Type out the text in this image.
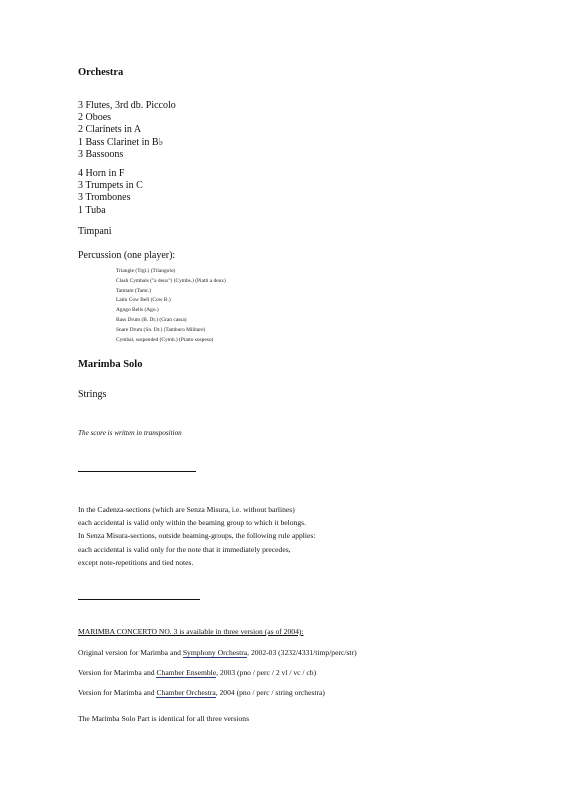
Orchestra
3 Flutes, 3rd db. Piccolo
2 Oboes
2 Clarinets in A
1 Bass Clarinet in B♭
3 Bassoons
4 Horn in F
3 Trumpets in C
3 Trombones
1 Tuba
Timpani
Percussion (one player):
Triangle (Trgl.) (Triangolo)
Clash Cymbals ("a deux") (Cymbs.) (Piatti a deux)
Tamtam (Tamt.)
Latin Cow Bell (Cow B.)
Agogo Bells (Ago.)
Bass Drum (B. Dr.) (Gran cassa)
Snare Drum (Sn. Dr.) (Tamburo Militare)
Cymbal, suspended (Cymb.) (Piatto sospeso)
Marimba Solo
Strings
The score is written in transposition
In the Cadenza-sections (which are Senza Misura, i.e. without barlines)
each accidental is valid only within the beaming group to which it belongs.
In Senza Misura-sections, outside beaming-groups, the following rule applies:
each accidental is valid only for the note that it immediately precedes,
except note-repetitions and tied notes.
MARIMBA CONCERTO NO. 3 is available in three version (as of 2004):
Original version for Marimba and Symphony Orchestra, 2002-03 (3232/4331/timp/perc/str)
Version for Marimba and Chamber Ensemble, 2003 (pno / perc / 2 vl / vc / cb)
Version for Marimba and Chamber Orchestra, 2004 (pno / perc / string orchestra)
The Marimba Solo Part is identical for all three versions
